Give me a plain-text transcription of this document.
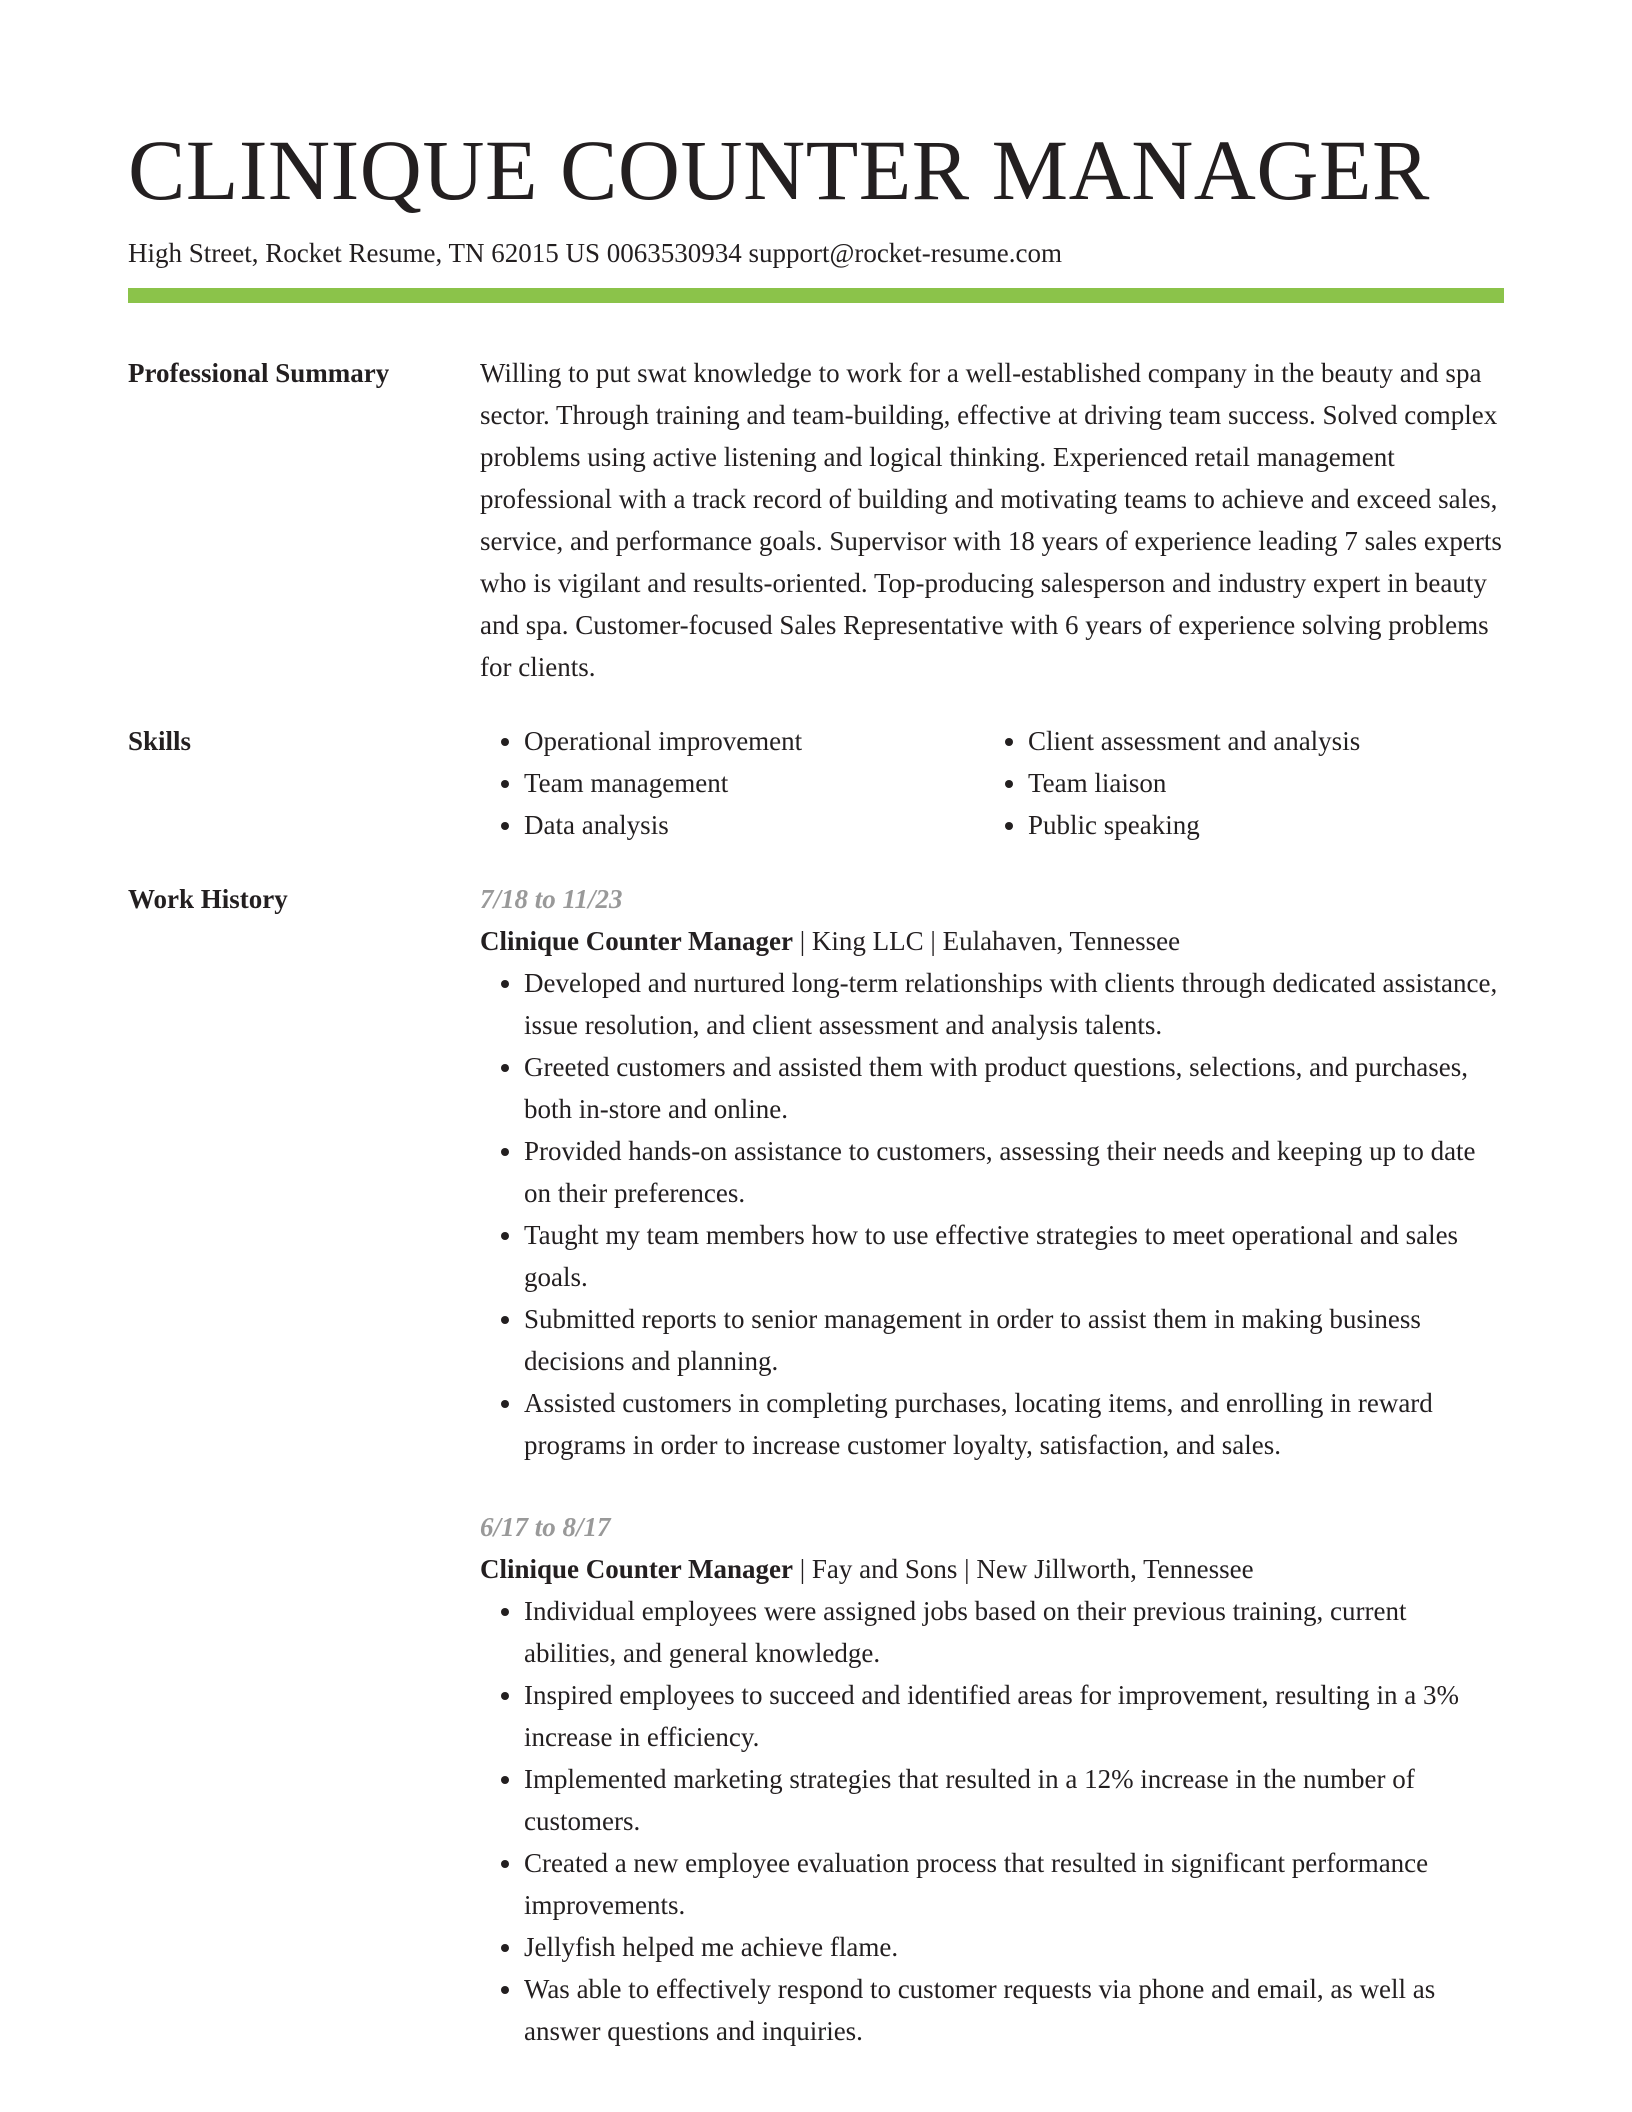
CLINIQUE COUNTER MANAGER
High Street, Rocket Resume, TN 62015 US 0063530934 support@rocket-resume.com
Professional Summary	Willing to put swat knowledge to work for a well-established company in the beauty and spa sector. Through training and team-building, effective at driving team success. Solved complex problems using active listening and logical thinking. Experienced retail management professional with a track record of building and motivating teams to achieve and exceed sales, service, and performance goals. Supervisor with 18 years of experience leading 7 sales experts who is vigilant and results-oriented. Top-producing salesperson and industry expert in beauty and spa. Customer-focused Sales Representative with 6 years of experience solving problems for clients.
Skills
•	Operational improvement
• Team management
• Data analysis
• Client assessment and analysis
• Team liaison
• Public speaking
Work History	7/18 to 11/23
Clinique Counter Manager | King LLC | Eulahaven, Tennessee
• Developed and nurtured long-term relationships with clients through dedicated assistance, issue resolution, and client assessment and analysis talents.
• Greeted customers and assisted them with product questions, selections, and purchases, both in-store and online.
• Provided hands-on assistance to customers, assessing their needs and keeping up to date on their preferences.
• Taught my team members how to use effective strategies to meet operational and sales goals.
• Submitted reports to senior management in order to assist them in making business decisions and planning.
• Assisted customers in completing purchases, locating items, and enrolling in reward programs in order to increase customer loyalty, satisfaction, and sales.
6/17 to 8/17
Clinique Counter Manager | Fay and Sons | New Jillworth, Tennessee
• Individual employees were assigned jobs based on their previous training, current abilities, and general knowledge.
• Inspired employees to succeed and identified areas for improvement, resulting in a 3% increase in efficiency.
• Implemented marketing strategies that resulted in a 12% increase in the number of customers.
• Created a new employee evaluation process that resulted in significant performance improvements.
• Jellyfish helped me achieve flame.
• Was able to effectively respond to customer requests via phone and email, as well as answer questions and inquiries.
